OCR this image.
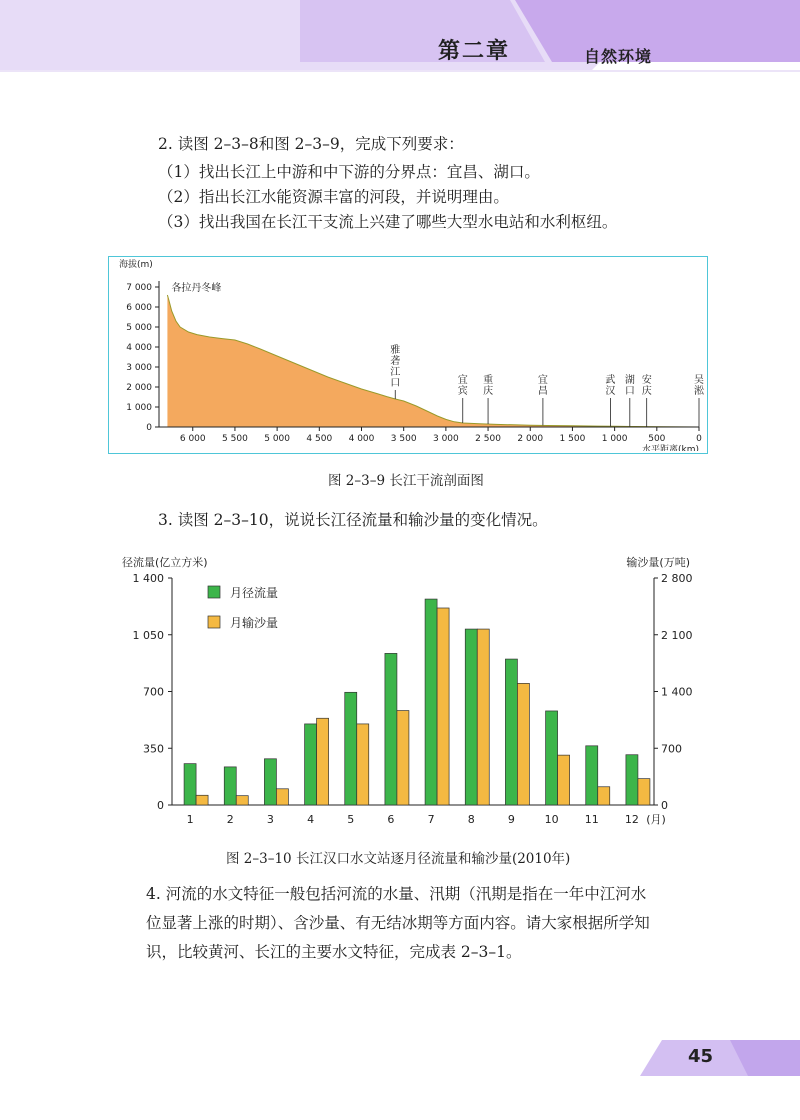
第二章	自然环境
2. 读图 2–3–8和图 2–3–9，完成下列要求：
（1）找出长江上中游和中下游的分界点：宜昌、湖口。
（2）指出长江水能资源丰富的河段，并说明理由。
（3）找出我国在长江干支流上兴建了哪些大型水电站和水利枢纽。
0
1 000
2 000
3 000
4 000
5 000
6 000
7 000
6 000 5 500 5 000 4 500 4 000 3 500 3 000 2 500 2 000 1 500 1 000 500	0
海拔(m)
水平距离(km)
各拉丹冬峰
雅
砻
江
口	宜
宾
重
庆
宜
昌
武
汉
湖
口
安
庆
吴
淞
图 2–3–9 长江干流剖面图
3. 读图 2–3–10，说说长江径流量和输沙量的变化情况。
0
350
700
1 050
1 400
0
700
1 400
2 100
2 800
径流量(亿立方米)	输沙量(万吨)
1	2	3	4	5	6	7	8	9	10 11 12 (月)
月径流量
月输沙量
图 2–3–10 长江汉口水文站逐月径流量和输沙量(2010年)
4. 河流的水文特征一般包括河流的水量、汛期（汛期是指在一年中江河水
位显著上涨的时期）、含沙量、有无结冰期等方面内容。请大家根据所学知
识，比较黄河、长江的主要水文特征，完成表 2–3–1。
45
